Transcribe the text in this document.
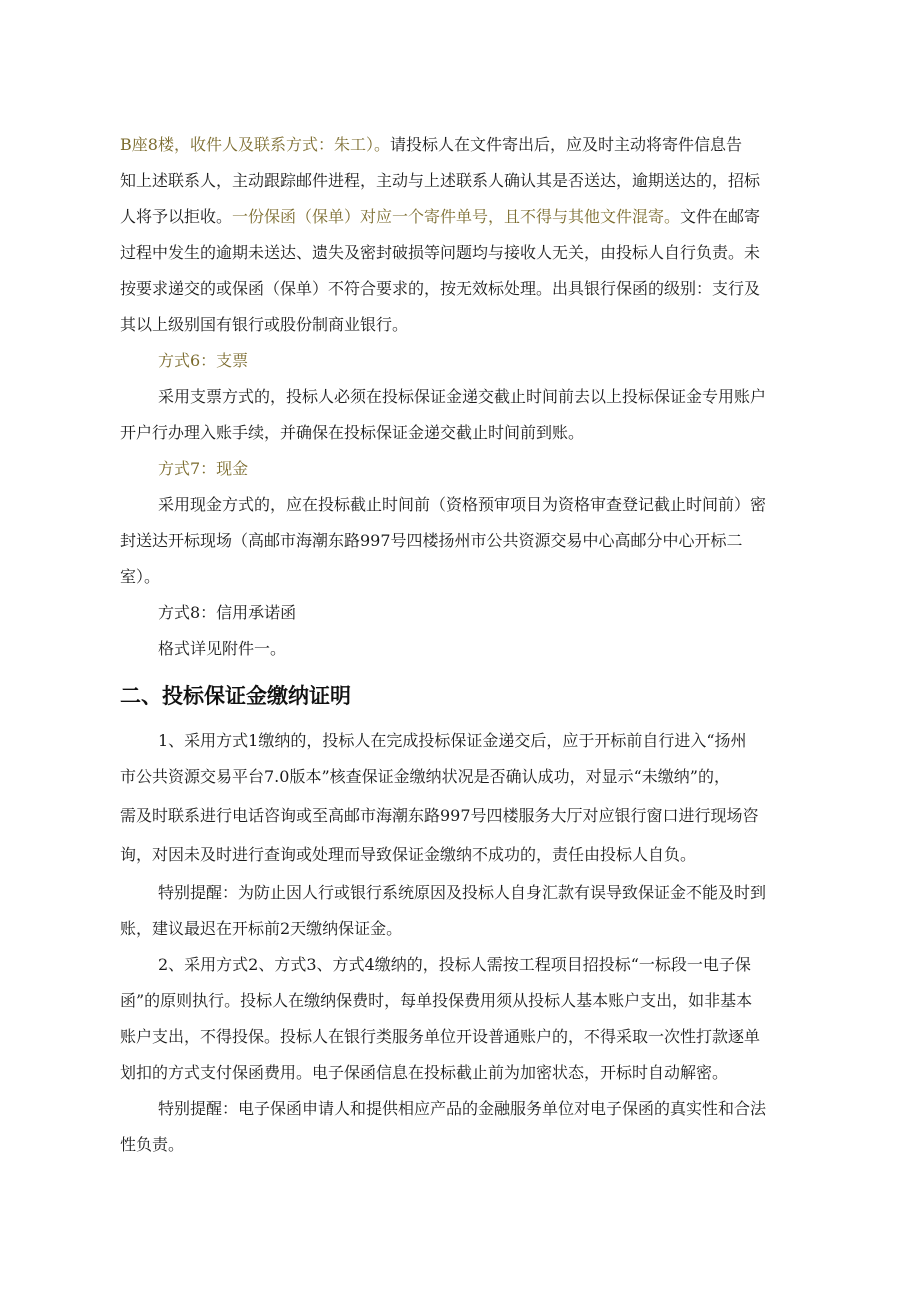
B座8楼，收件人及联系方式：朱工）。请投标人在文件寄出后，应及时主动将寄件信息告
知上述联系人，主动跟踪邮件进程，主动与上述联系人确认其是否送达，逾期送达的，招标
人将予以拒收。一份保函（保单）对应一个寄件单号，且不得与其他文件混寄。文件在邮寄
过程中发生的逾期未送达、遗失及密封破损等问题均与接收人无关，由投标人自行负责。未
按要求递交的或保函（保单）不符合要求的，按无效标处理。出具银行保函的级别：支行及
其以上级别国有银行或股份制商业银行。
方式6：支票
采用支票方式的，投标人必须在投标保证金递交截止时间前去以上投标保证金专用账户
开户行办理入账手续，并确保在投标保证金递交截止时间前到账。
方式7：现金
采用现金方式的，应在投标截止时间前（资格预审项目为资格审查登记截止时间前）密
封送达开标现场（高邮市海潮东路997号四楼扬州市公共资源交易中心高邮分中心开标二
室）。
方式8：信用承诺函
格式详见附件一。
二、投标保证金缴纳证明
1、采用方式1缴纳的，投标人在完成投标保证金递交后，应于开标前自行进入“扬州
市公共资源交易平台7.0版本”核查保证金缴纳状况是否确认成功，对显示“未缴纳”的，
需及时联系进行电话咨询或至高邮市海潮东路997号四楼服务大厅对应银行窗口进行现场咨
询，对因未及时进行查询或处理而导致保证金缴纳不成功的，责任由投标人自负。
特别提醒：为防止因人行或银行系统原因及投标人自身汇款有误导致保证金不能及时到
账，建议最迟在开标前2天缴纳保证金。
2、采用方式2、方式3、方式4缴纳的，投标人需按工程项目招投标“一标段一电子保
函”的原则执行。投标人在缴纳保费时，每单投保费用须从投标人基本账户支出，如非基本
账户支出，不得投保。投标人在银行类服务单位开设普通账户的，不得采取一次性打款逐单
划扣的方式支付保函费用。电子保函信息在投标截止前为加密状态，开标时自动解密。
特别提醒：电子保函申请人和提供相应产品的金融服务单位对电子保函的真实性和合法
性负责。
